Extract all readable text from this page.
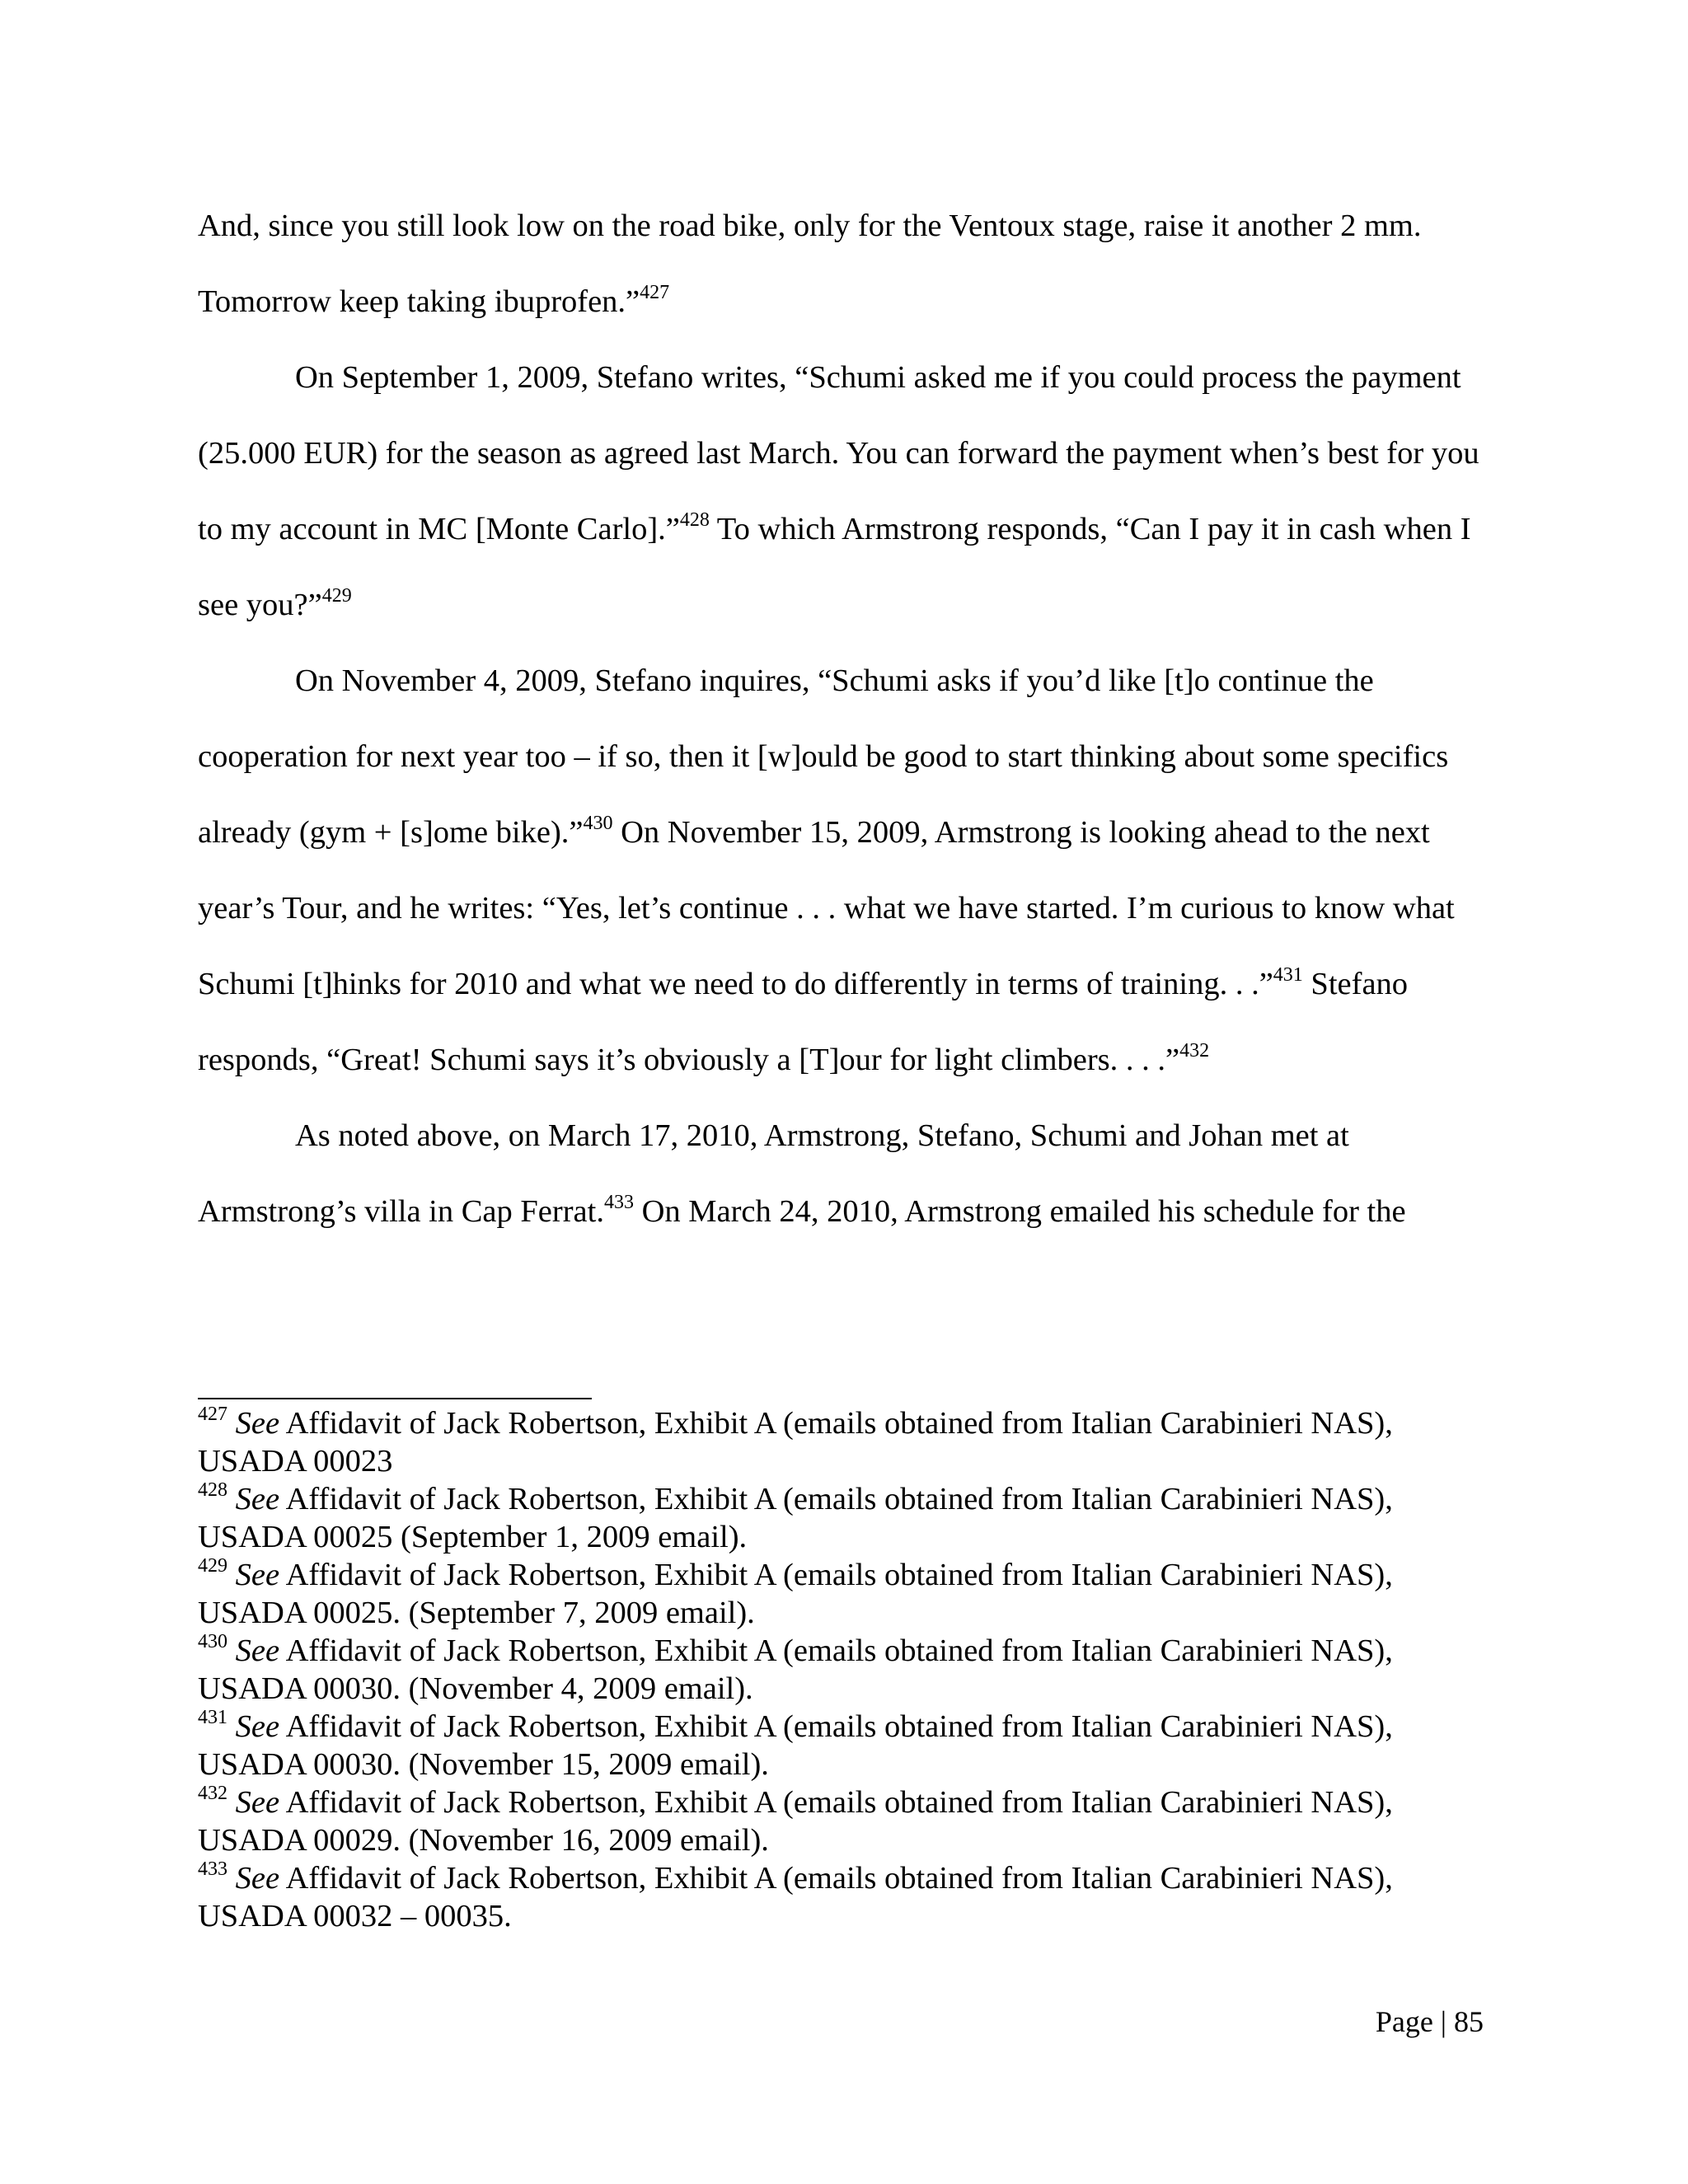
And, since you still look low on the road bike, only for the Ventoux stage, raise it another 2 mm.
Tomorrow keep taking ibuprofen.”$^{427}$

On September 1, 2009, Stefano writes, “Schumi asked me if you could process the payment (25.000 EUR) for the season as agreed last March. You can forward the payment when’s best for you to my account in MC [Monte Carlo].”$^{428}$ To which Armstrong responds, “Can I pay it in cash when I see you?”$^{429}$

On November 4, 2009, Stefano inquires, “Schumi asks if you’d like [t]o continue the cooperation for next year too – if so, then it [w]ould be good to start thinking about some specifics already (gym + [s]ome bike).”$^{430}$ On November 15, 2009, Armstrong is looking ahead to the next year’s Tour, and he writes: “Yes, let’s continue . . . what we have started. I’m curious to know what Schumi [t]hinks for 2010 and what we need to do differently in terms of training. . .”$^{431}$ Stefano responds, “Great! Schumi says it’s obviously a [T]our for light climbers. . . .”$^{432}$

As noted above, on March 17, 2010, Armstrong, Stefano, Schumi and Johan met at Armstrong’s villa in Cap Ferrat.$^{433}$ On March 24, 2010, Armstrong emailed his schedule for the

$^{427}$ See Affidavit of Jack Robertson, Exhibit A (emails obtained from Italian Carabinieri NAS), USADA 00023

$^{428}$ See Affidavit of Jack Robertson, Exhibit A (emails obtained from Italian Carabinieri NAS), USADA 00025 (September 1, 2009 email).

$^{429}$ See Affidavit of Jack Robertson, Exhibit A (emails obtained from Italian Carabinieri NAS), USADA 00025. (September 7, 2009 email).

$^{430}$ See Affidavit of Jack Robertson, Exhibit A (emails obtained from Italian Carabinieri NAS), USADA 00030. (November 4, 2009 email).

$^{431}$ See Affidavit of Jack Robertson, Exhibit A (emails obtained from Italian Carabinieri NAS), USADA 00030. (November 15, 2009 email).

$^{432}$ See Affidavit of Jack Robertson, Exhibit A (emails obtained from Italian Carabinieri NAS), USADA 00029. (November 16, 2009 email).

$^{433}$ See Affidavit of Jack Robertson, Exhibit A (emails obtained from Italian Carabinieri NAS), USADA 00032 – 00035.

Page | 85
